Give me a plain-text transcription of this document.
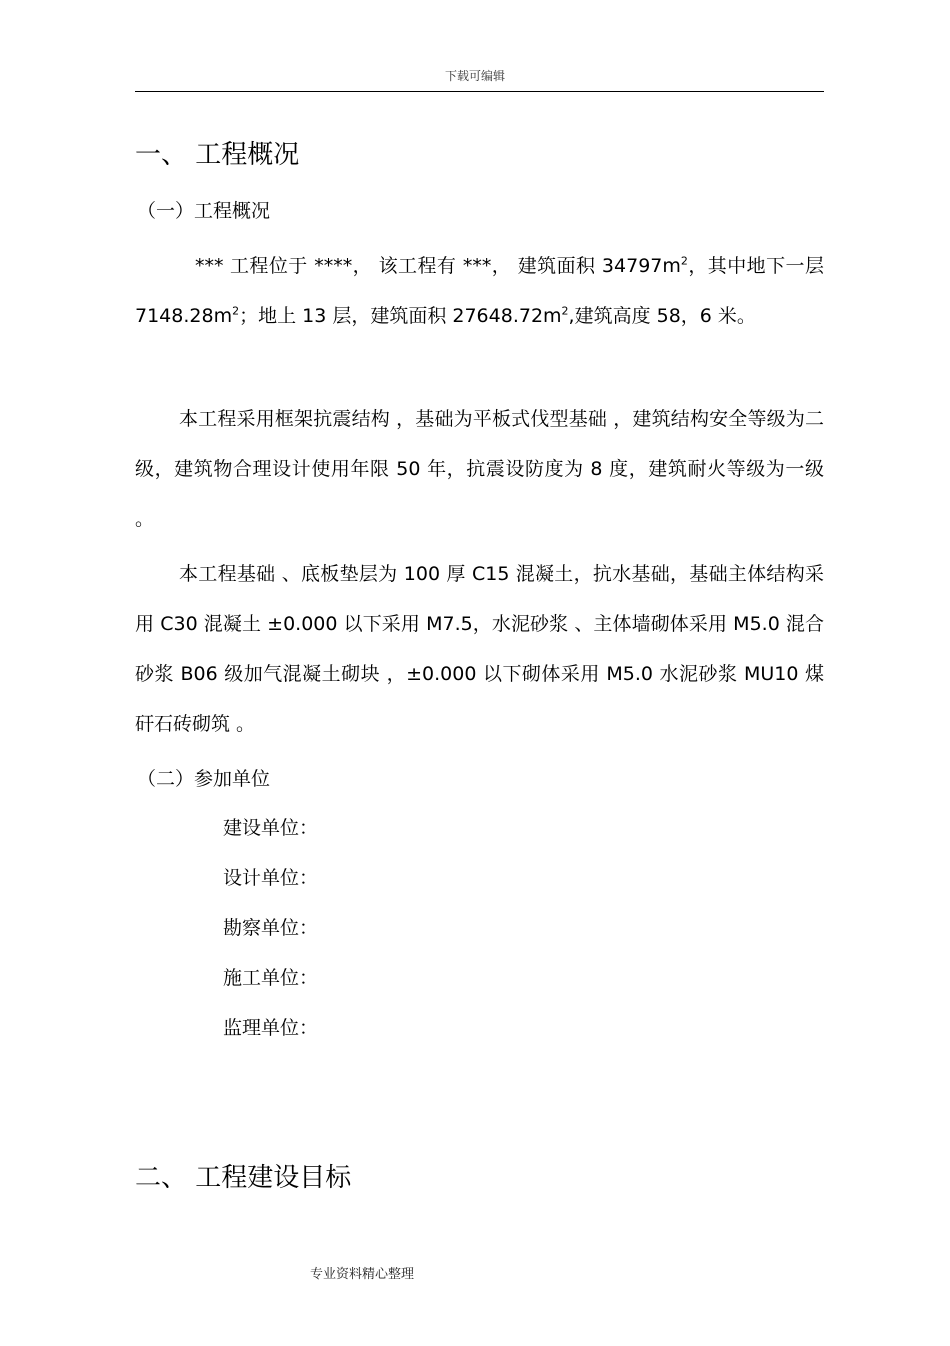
下载可编辑
一、 工程概况
（一）工程概况
*** 工程位于 ****， 该工程有 ***， 建筑面积 $34797m^2$，其中地下一层 $7148.28m^2$；地上 13 层，建筑面积 $27648.72m^2$,建筑高度 58，6 米。
本工程采用框架抗震结构 ，基础为平板式伐型基础 ，建筑结构安全等级为二级，建筑物合理设计使用年限 50 年，抗震设防度为 8 度，建筑耐火等级为一级 。
本工程基础 、底板垫层为 100 厚 C15 混凝土，抗水基础，基础主体结构采用 C30 混凝土 ±0.000 以下采用 M7.5，水泥砂浆 、主体墙砌体采用 M5.0 混合砂浆 B06 级加气混凝土砌块 ，±0.000 以下砌体采用 M5.0 水泥砂浆 MU10 煤矸石砖砌筑 。
（二）参加单位
建设单位：
设计单位：
勘察单位：
施工单位：
监理单位：
二、 工程建设目标
专业资料精心整理
